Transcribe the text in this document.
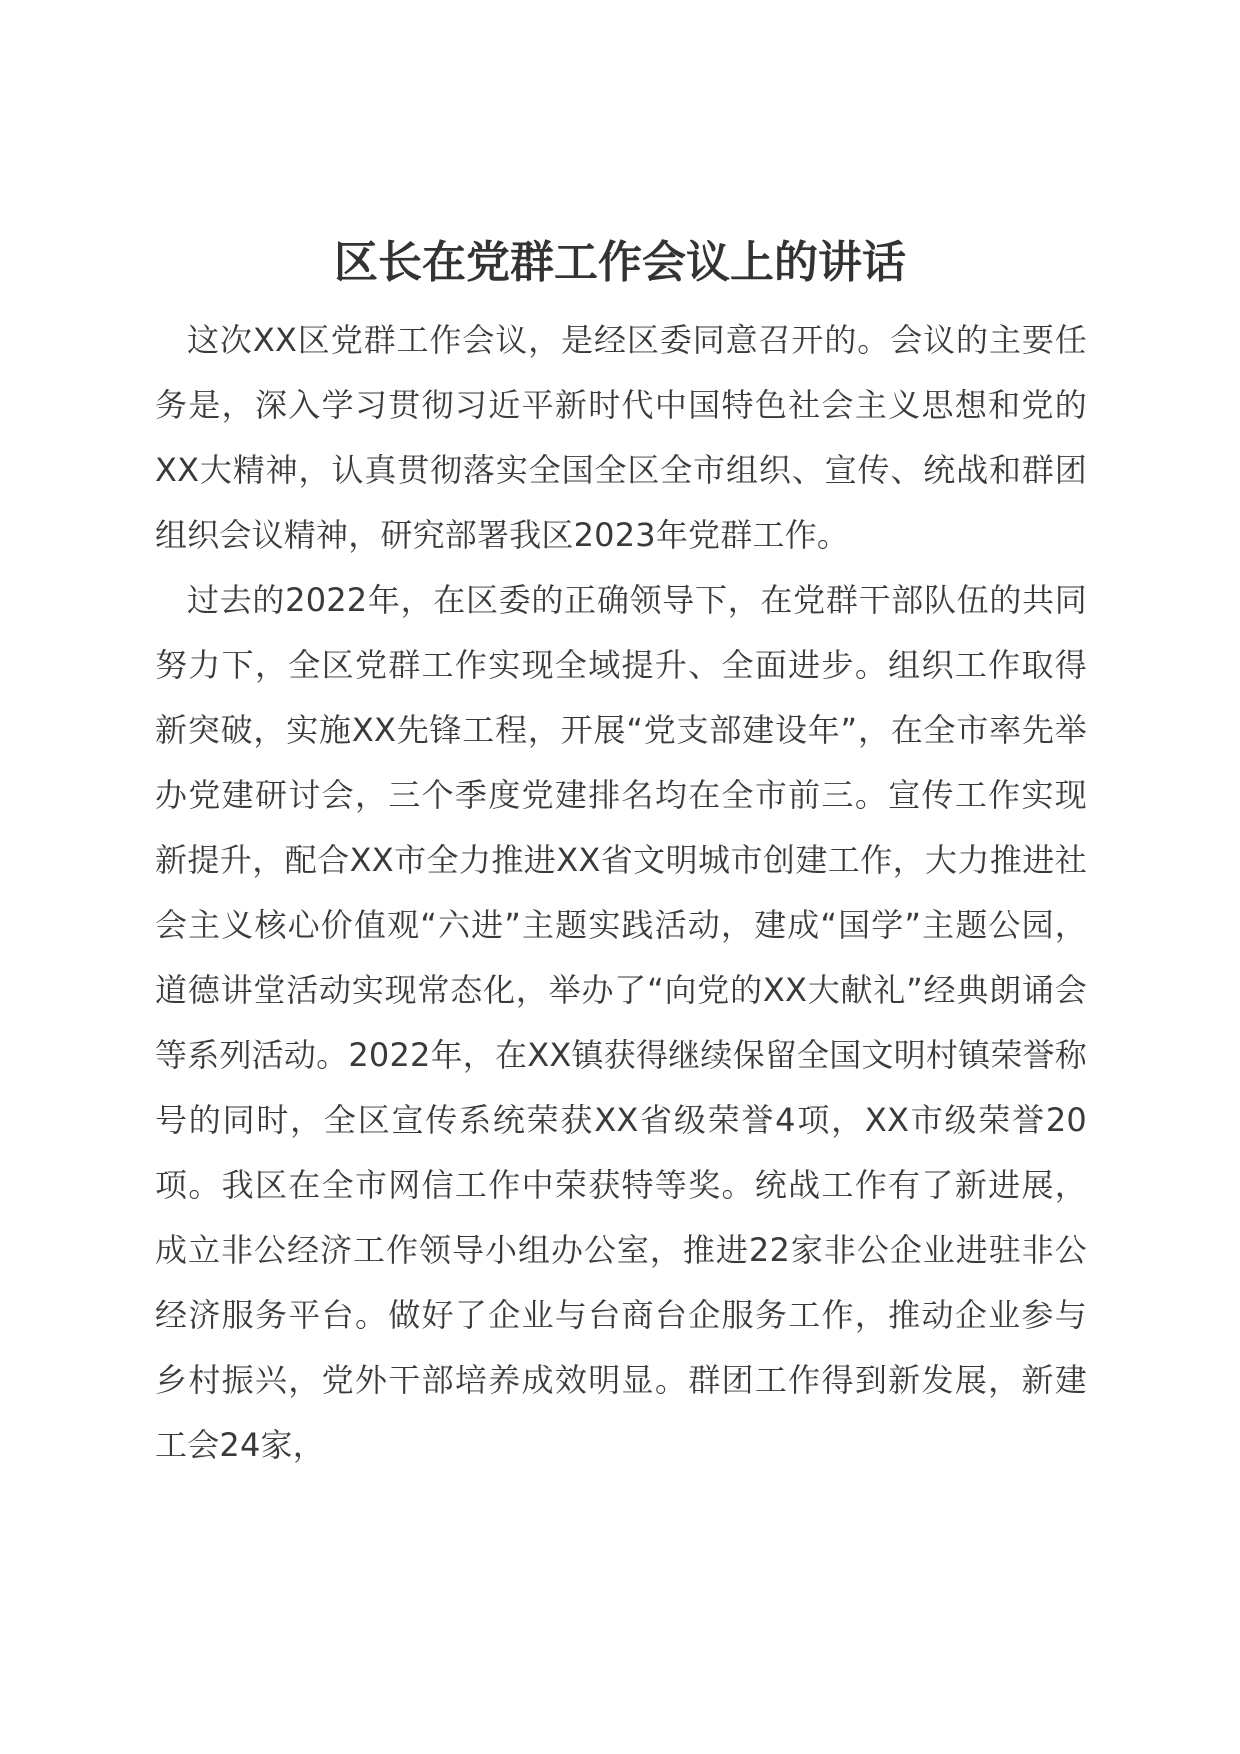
区长在党群工作会议上的讲话

这次XX区党群工作会议，是经区委同意召开的。会议的主要任务是，深入学习贯彻习近平新时代中国特色社会主义思想和党的XX大精神，认真贯彻落实全国全区全市组织、宣传、统战和群团组织会议精神，研究部署我区2023年党群工作。

过去的2022年，在区委的正确领导下，在党群干部队伍的共同努力下，全区党群工作实现全域提升、全面进步。组织工作取得新突破，实施XX先锋工程，开展“党支部建设年”，在全市率先举办党建研讨会，三个季度党建排名均在全市前三。宣传工作实现新提升，配合XX市全力推进XX省文明城市创建工作，大力推进社会主义核心价值观“六进”主题实践活动，建成“国学”主题公园，道德讲堂活动实现常态化，举办了“向党的XX大献礼”经典朗诵会等系列活动。2022年，在XX镇获得继续保留全国文明村镇荣誉称号的同时，全区宣传系统荣获XX省级荣誉4项，XX市级荣誉20项。我区在全市网信工作中荣获特等奖。统战工作有了新进展，成立非公经济工作领导小组办公室，推进22家非公企业进驻非公经济服务平台。做好了企业与台商台企服务工作，推动企业参与乡村振兴，党外干部培养成效明显。群团工作得到新发展，新建工会24家，
